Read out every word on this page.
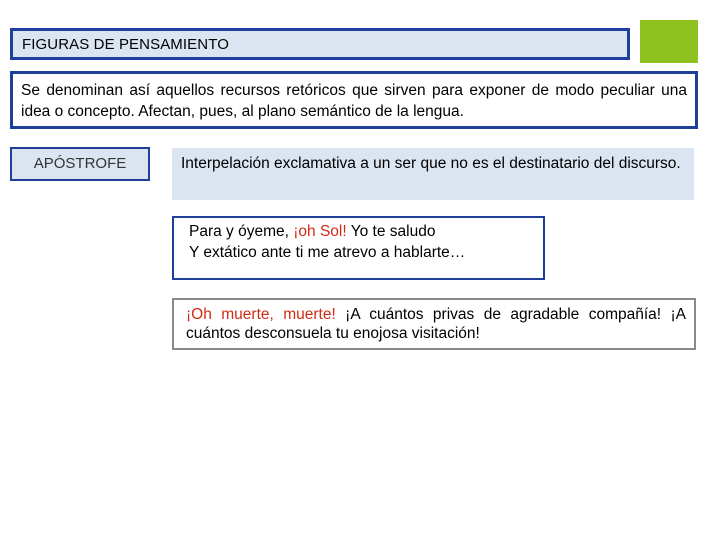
FIGURAS DE PENSAMIENTO
Se denominan así aquellos recursos retóricos que sirven para exponer de modo peculiar una idea o concepto. Afectan, pues, al plano semántico de la lengua.
APÓSTROFE	Interpelación exclamativa a un ser que no es el destinatario del discurso.
Para y óyeme, ¡oh Sol! Yo te saludo
Y extático ante ti me atrevo a hablarte…
¡Oh muerte, muerte! ¡A cuántos privas de agradable compañía! ¡A cuántos desconsuela tu enojosa visitación!
